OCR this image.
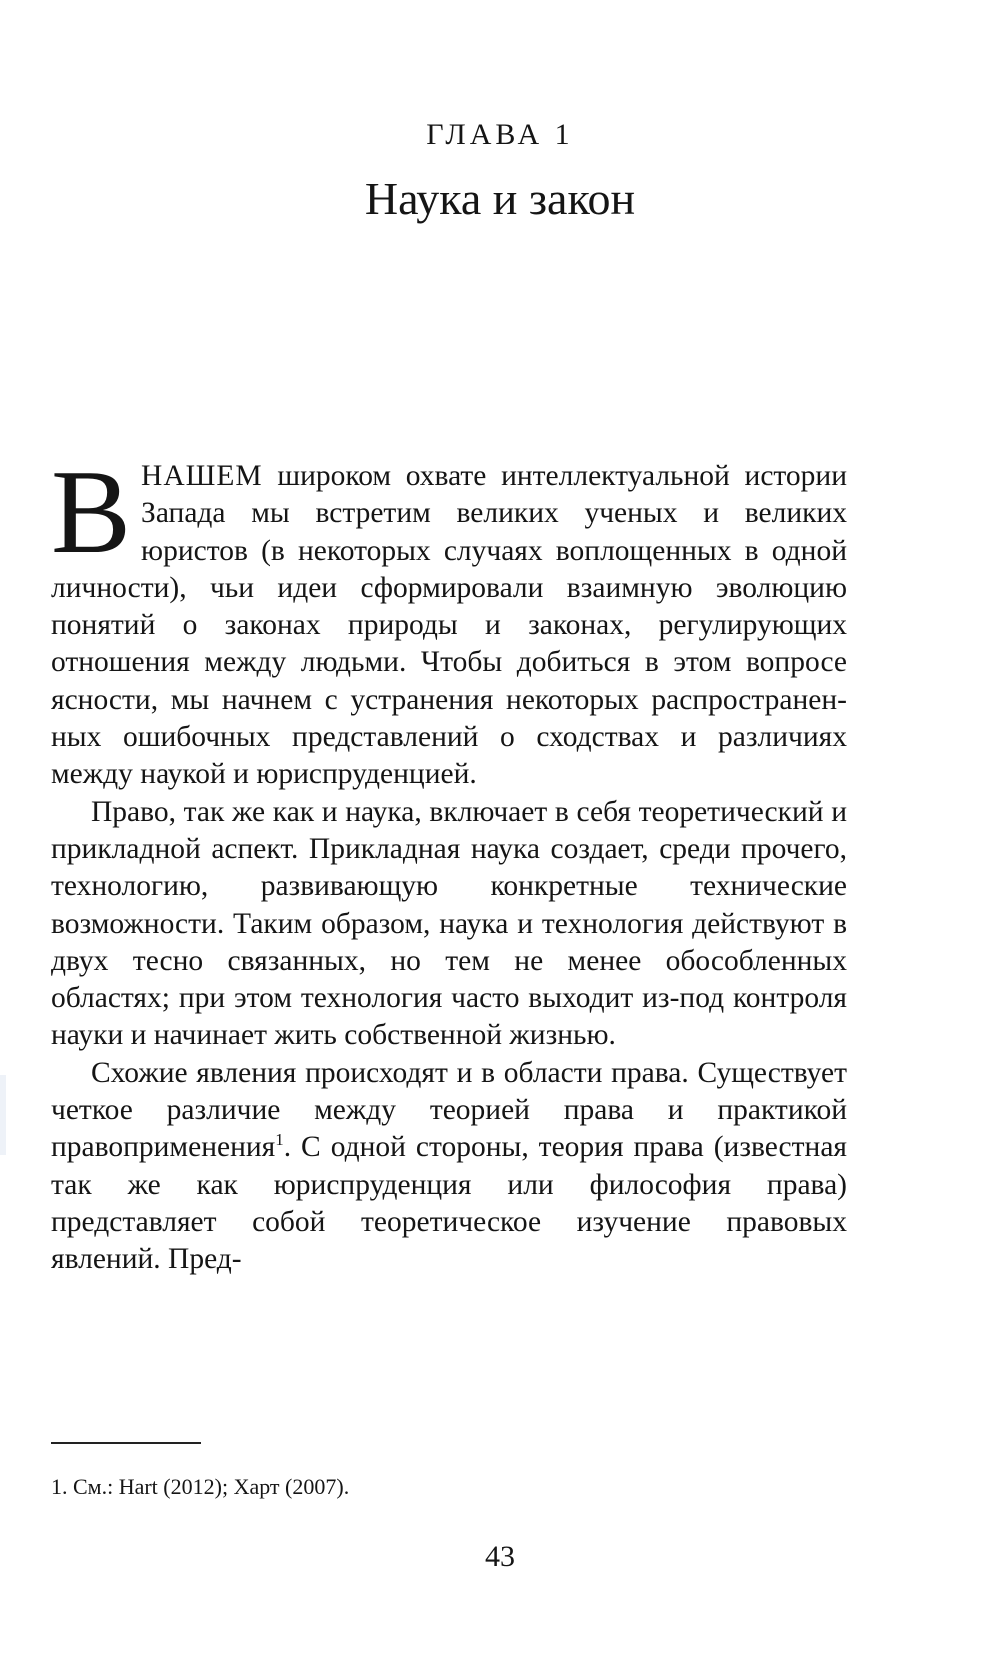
ГЛАВА 1
Наука и закон

ВНАШЕМ широком охвате интеллектуальной истории Запада мы встретим великих ученых и великих юристов (в некоторых случаях воплощенных в одной личности), чьи идеи сформировали взаимную эволюцию понятий о законах природы и законах, регулирующих отношения между людьми. Чтобы добиться в этом вопросе ясности, мы начнем с устранения некоторых распространенных ошибочных представлений о сходствах и различиях между наукой и юриспруденцией.

Право, так же как и наука, включает в себя теоретический и прикладной аспект. Прикладная наука создает, среди прочего, технологию, развивающую конкретные технические возможности. Таким образом, наука и технология действуют в двух тесно связанных, но тем не менее обособленных областях; при этом технология часто выходит из-под контроля науки и начинает жить собственной жизнью.

Схожие явления происходят и в области права. Существует четкое различие между теорией права и практикой правоприменения$^1$. С одной стороны, теория права (известная так же как юриспруденция или философия права) представляет собой теоретическое изучение правовых явлений. Пред-

1. См.: Hart (2012); Харт (2007).
43
